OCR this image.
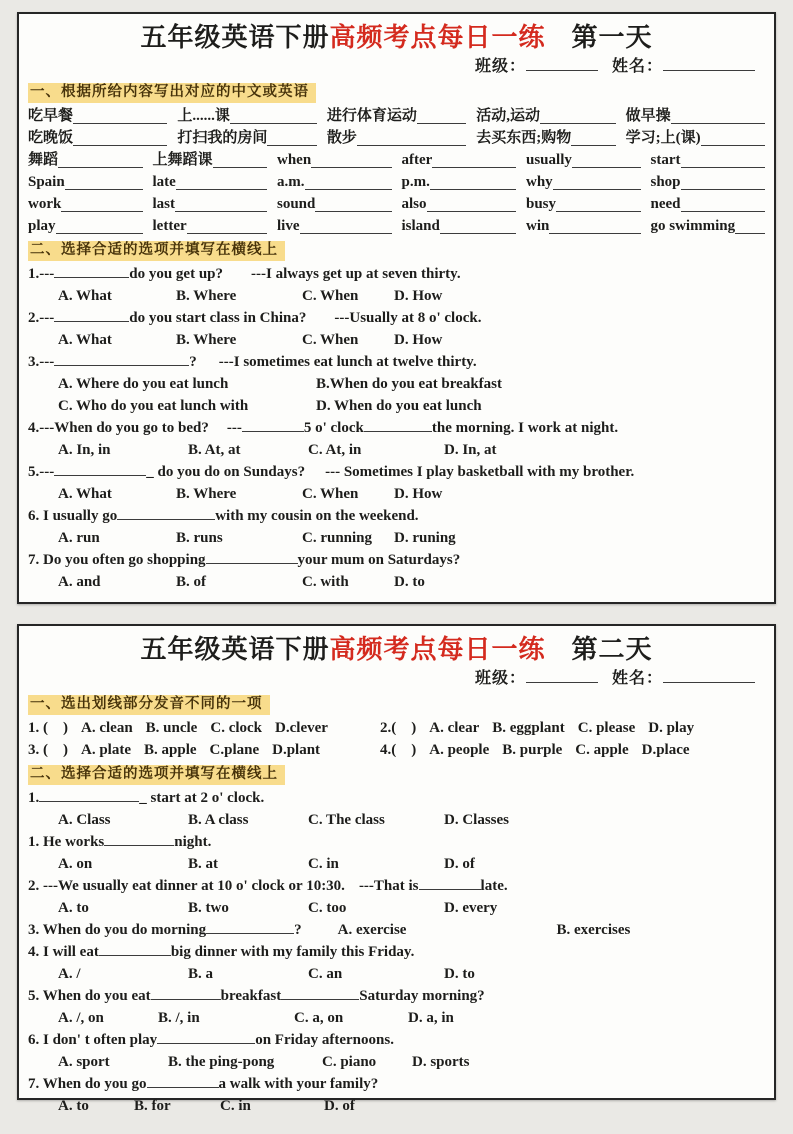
五年级英语下册高频考点每日一练 第一天
班级：	姓名：
一、根据所给内容写出对应的中文或英语
吃早餐	上......课	进行体育运动	活动,运动	做早操
吃晚饭	打扫我的房间	散步	去买东西;购物	学习;上(课)
舞蹈	上舞蹈课	when	after	usually	start
Spain	late	a.m.	p.m.	why	shop
work	last	sound	also	busy	need
play	letter	live	island	win	go swimming
二、选择合适的选项并填写在横线上
1.---	do you get up? ---I always get up at seven thirty.
A. What	B. Where	C. When	D. How
2.---	do you start class in China? ---Usually at 8 o' clock.
A. What	B. Where	C. When	D. How
3.---	? ---I sometimes eat lunch at twelve thirty.
A. Where do you eat lunch	B.When do you eat breakfast
C. Who do you eat lunch with	D. When do you eat lunch
4.---When do you go to bed? ---	5 o' clock	the morning. I work at night.
A. In, in	B. At, at	C. At, in	D. In, at
5.---	_ do you do on Sundays? --- Sometimes I play basketball with my brother.
A. What	B. Where	C. When	D. How
6. I usually go	with my cousin on the weekend.
A. run	B. runs	C. running	D. runing
7. Do you often go shopping	your mum on Saturdays?
A. and	B. of	C. with	D. to
五年级英语下册高频考点每日一练 第二天
班级：	姓名：
一、选出划线部分发音不同的一项
1. (    ) A. clean B. uncle C. clock D.clever	2.(    ) A. clear B. eggplant C. please D. play
3. (    ) A. plate B. apple C.plane D.plant	4.(    ) A. people B. purple C. apple D.place
二、选择合适的选项并填写在横线上
1.	_ start at 2 o' clock.
A. Class	B. A class	C. The class	D. Classes
1. He works	night.
A. on	B. at	C. in	D. of
2. ---We usually eat dinner at 10 o' clock or 10:30. ---That is	late.
A. to	B. two	C. too	D. every
3. When do you do morning	? A. exercise	B. exercises
4. I will eat	big dinner with my family this Friday.
A. /	B. a	C. an	D. to
5. When do you eat	breakfast	Saturday morning?
A. /, on	B. /, in	C. a, on	D. a, in
6. I don' t often play	on Friday afternoons.
A. sport	B. the ping-pong	C. piano	D. sports
7. When do you go	a walk with your family?
A. to	B. for	C. in	D. of
